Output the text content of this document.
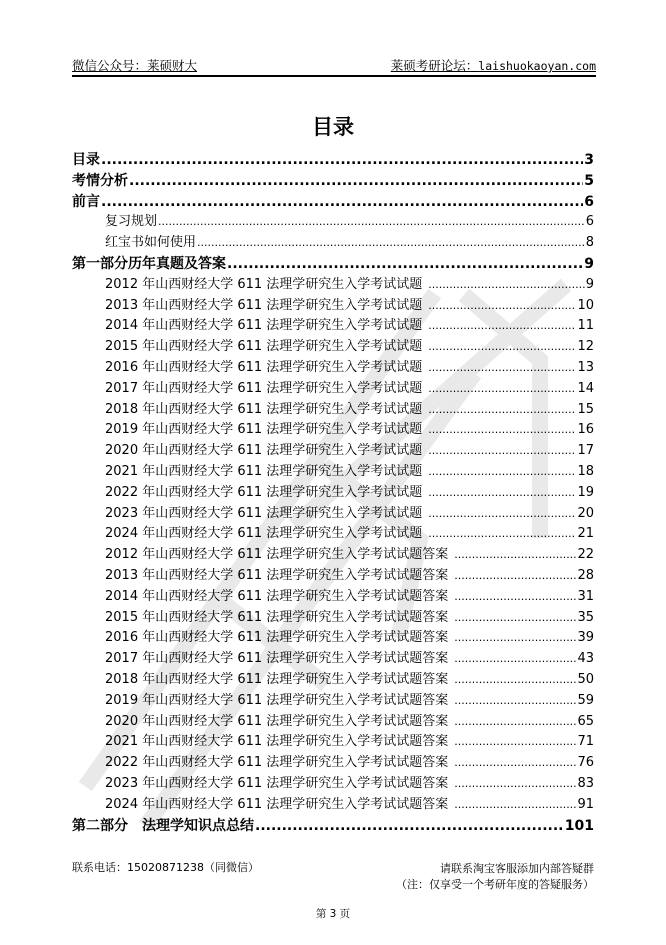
微信公众号：莱硕财大	莱硕考研论坛：laishuokaoyan.com
目录
目录 .....	3
考情分析 .....	5
前言 .....	6
复习规划 .....	6
红宝书如何使用 .....	8
第一部分历年真题及答案 .....	9
2012 年山西财经大学 611 法理学研究生入学考试试题 .....	9
2013 年山西财经大学 611 法理学研究生入学考试试题 .....	10
2014 年山西财经大学 611 法理学研究生入学考试试题 .....	11
2015 年山西财经大学 611 法理学研究生入学考试试题 .....	12
2016 年山西财经大学 611 法理学研究生入学考试试题 .....	13
2017 年山西财经大学 611 法理学研究生入学考试试题 .....	14
2018 年山西财经大学 611 法理学研究生入学考试试题 .....	15
2019 年山西财经大学 611 法理学研究生入学考试试题 .....	16
2020 年山西财经大学 611 法理学研究生入学考试试题 .....	17
2021 年山西财经大学 611 法理学研究生入学考试试题 .....	18
2022 年山西财经大学 611 法理学研究生入学考试试题 .....	19
2023 年山西财经大学 611 法理学研究生入学考试试题 .....	20
2024 年山西财经大学 611 法理学研究生入学考试试题 .....	21
2012 年山西财经大学 611 法理学研究生入学考试试题答案 .....	22
2013 年山西财经大学 611 法理学研究生入学考试试题答案 .....	28
2014 年山西财经大学 611 法理学研究生入学考试试题答案 .....	31
2015 年山西财经大学 611 法理学研究生入学考试试题答案 .....	35
2016 年山西财经大学 611 法理学研究生入学考试试题答案 .....	39
2017 年山西财经大学 611 法理学研究生入学考试试题答案 .....	43
2018 年山西财经大学 611 法理学研究生入学考试试题答案 .....	50
2019 年山西财经大学 611 法理学研究生入学考试试题答案 .....	59
2020 年山西财经大学 611 法理学研究生入学考试试题答案 .....	65
2021 年山西财经大学 611 法理学研究生入学考试试题答案 .....	71
2022 年山西财经大学 611 法理学研究生入学考试试题答案 .....	76
2023 年山西财经大学 611 法理学研究生入学考试试题答案 .....	83
2024 年山西财经大学 611 法理学研究生入学考试试题答案 .....	91
第二部分　法理学知识点总结 .....	101
联系电话：15020871238（同微信）	请联系淘宝客服添加内部答疑群
（注：仅享受一个考研年度的答疑服务）
第 3 页
